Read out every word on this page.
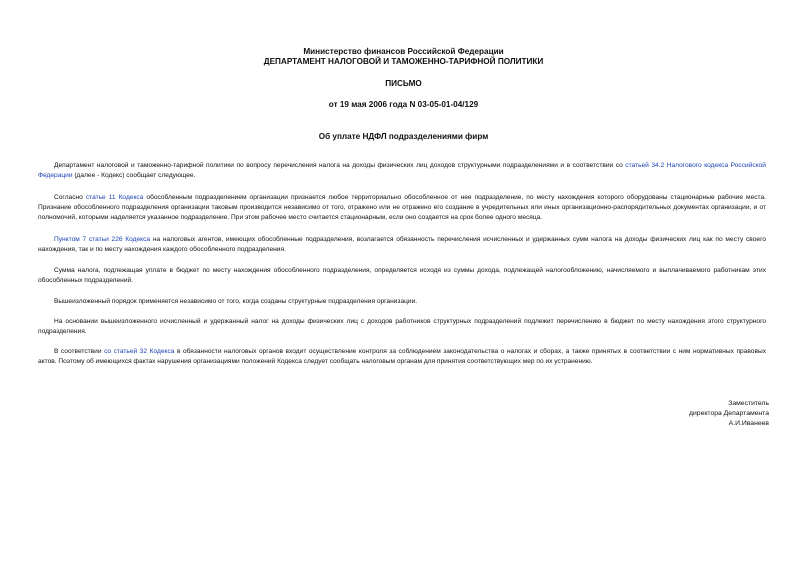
Министерство финансов Российской Федерации
ДЕПАРТАМЕНТ НАЛОГОВОЙ И ТАМОЖЕННО-ТАРИФНОЙ ПОЛИТИКИ
ПИСЬМО
от 19 мая 2006 года N 03-05-01-04/129
Об уплате НДФЛ подразделениями фирм

Департамент налоговой и таможенно-тарифной политики по вопросу перечисления налога на доходы физических лиц доходов структурными подразделениями и в соответствии со статьей 34.2 Налогового кодекса Российской Федерации (далее - Кодекс) сообщает следующее.

Согласно статье 11 Кодекса обособленным подразделением организации признается любое территориально обособленное от нее подразделение, по месту нахождения которого оборудованы стационарные рабочие места. Признание обособленного подразделения организации таковым производится независимо от того, отражено или не отражено его создание в учредительных или иных организационно-распорядительных документах организации, и от полномочий, которыми наделяется указанное подразделение. При этом рабочее место считается стационарным, если оно создается на срок более одного месяца.

Пунктом 7 статьи 226 Кодекса на налоговых агентов, имеющих обособленные подразделения, возлагается обязанность перечисления исчисленных и удержанных сумм налога на доходы физических лиц как по месту своего нахождения, так и по месту нахождения каждого обособленного подразделения.

Сумма налога, подлежащая уплате в бюджет по месту нахождения обособленного подразделения, определяется исходя из суммы дохода, подлежащей налогообложению, начисляемого и выплачиваемого работникам этих обособленных подразделений.

Вышеизложенный порядок применяется независимо от того, когда созданы структурные подразделения организации.

На основании вышеизложенного исчисленный и удержанный налог на доходы физических лиц с доходов работников структурных подразделений подлежит перечислению в бюджет по месту нахождения этого структурного подразделения.

В соответствии со статьей 32 Кодекса в обязанности налоговых органов входит осуществление контроля за соблюдением законодательства о налогах и сборах, а также принятых в соответствии с ним нормативных правовых актов. Поэтому об имеющихся фактах нарушения организациями положений Кодекса следует сообщать налоговым органам для принятия соответствующих мер по их устранению.

Заместитель
директора Департамента
А.И.Иванеев
